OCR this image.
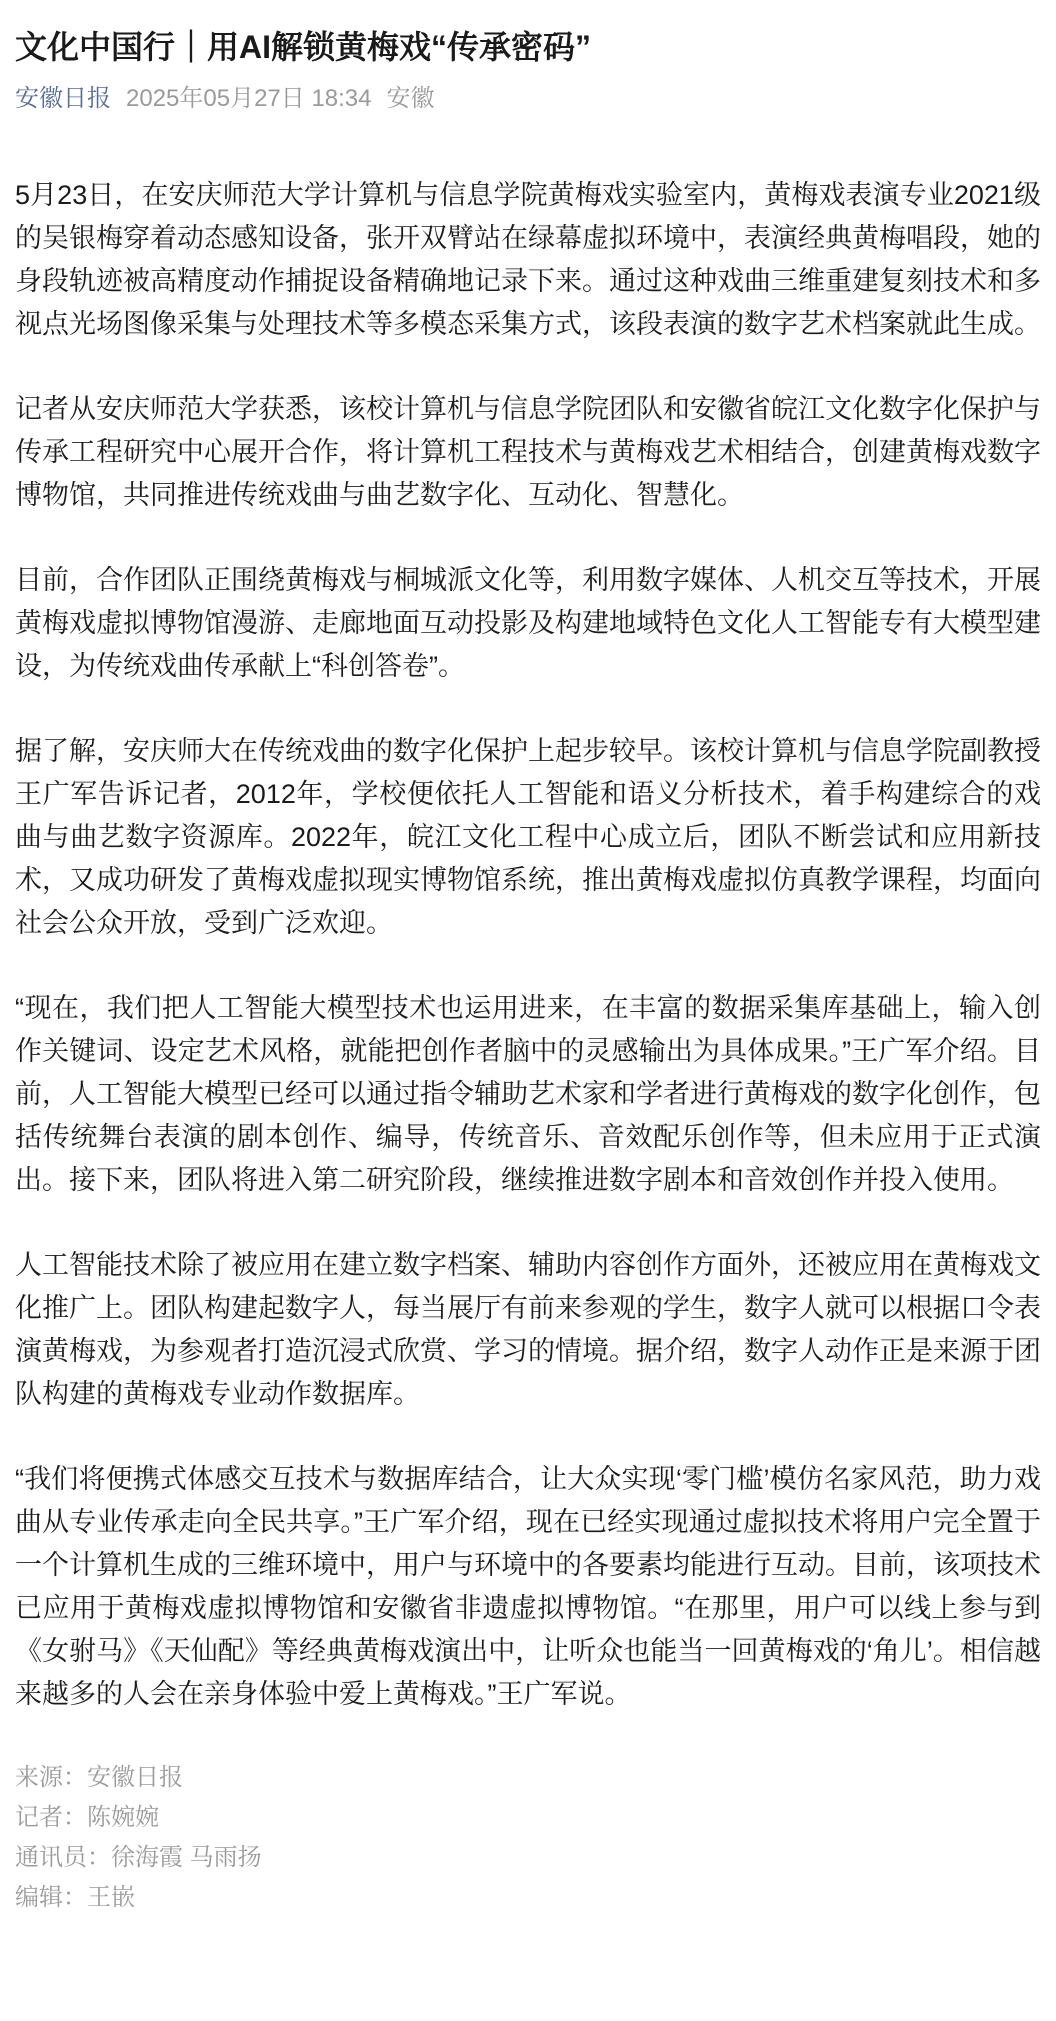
文化中国行｜用AI解锁黄梅戏“传承密码”
安徽日报 2025年05月27日 18:34 安徽

5月23日，在安庆师范大学计算机与信息学院黄梅戏实验室内，黄梅戏表演专业2021级的吴银梅穿着动态感知设备，张开双臂站在绿幕虚拟环境中，表演经典黄梅唱段，她的身段轨迹被高精度动作捕捉设备精确地记录下来。通过这种戏曲三维重建复刻技术和多视点光场图像采集与处理技术等多模态采集方式，该段表演的数字艺术档案就此生成。

记者从安庆师范大学获悉，该校计算机与信息学院团队和安徽省皖江文化数字化保护与传承工程研究中心展开合作，将计算机工程技术与黄梅戏艺术相结合，创建黄梅戏数字博物馆，共同推进传统戏曲与曲艺数字化、互动化、智慧化。

目前，合作团队正围绕黄梅戏与桐城派文化等，利用数字媒体、人机交互等技术，开展黄梅戏虚拟博物馆漫游、走廊地面互动投影及构建地域特色文化人工智能专有大模型建设，为传统戏曲传承献上“科创答卷”。

据了解，安庆师大在传统戏曲的数字化保护上起步较早。该校计算机与信息学院副教授王广军告诉记者，2012年，学校便依托人工智能和语义分析技术，着手构建综合的戏曲与曲艺数字资源库。2022年，皖江文化工程中心成立后，团队不断尝试和应用新技术，又成功研发了黄梅戏虚拟现实博物馆系统，推出黄梅戏虚拟仿真教学课程，均面向社会公众开放，受到广泛欢迎。

“现在，我们把人工智能大模型技术也运用进来，在丰富的数据采集库基础上，输入创作关键词、设定艺术风格，就能把创作者脑中的灵感输出为具体成果。”王广军介绍。目前，人工智能大模型已经可以通过指令辅助艺术家和学者进行黄梅戏的数字化创作，包括传统舞台表演的剧本创作、编导，传统音乐、音效配乐创作等，但未应用于正式演出。接下来，团队将进入第二研究阶段，继续推进数字剧本和音效创作并投入使用。

人工智能技术除了被应用在建立数字档案、辅助内容创作方面外，还被应用在黄梅戏文化推广上。团队构建起数字人，每当展厅有前来参观的学生，数字人就可以根据口令表演黄梅戏，为参观者打造沉浸式欣赏、学习的情境。据介绍，数字人动作正是来源于团队构建的黄梅戏专业动作数据库。

“我们将便携式体感交互技术与数据库结合，让大众实现‘零门槛’模仿名家风范，助力戏曲从专业传承走向全民共享。”王广军介绍，现在已经实现通过虚拟技术将用户完全置于一个计算机生成的三维环境中，用户与环境中的各要素均能进行互动。目前，该项技术已应用于黄梅戏虚拟博物馆和安徽省非遗虚拟博物馆。“在那里，用户可以线上参与到《女驸马》《天仙配》等经典黄梅戏演出中，让听众也能当一回黄梅戏的‘角儿’。相信越来越多的人会在亲身体验中爱上黄梅戏。”王广军说。

来源：安徽日报

记者：陈婉婉

通讯员：徐海霞 马雨扬

编辑：王嵌
